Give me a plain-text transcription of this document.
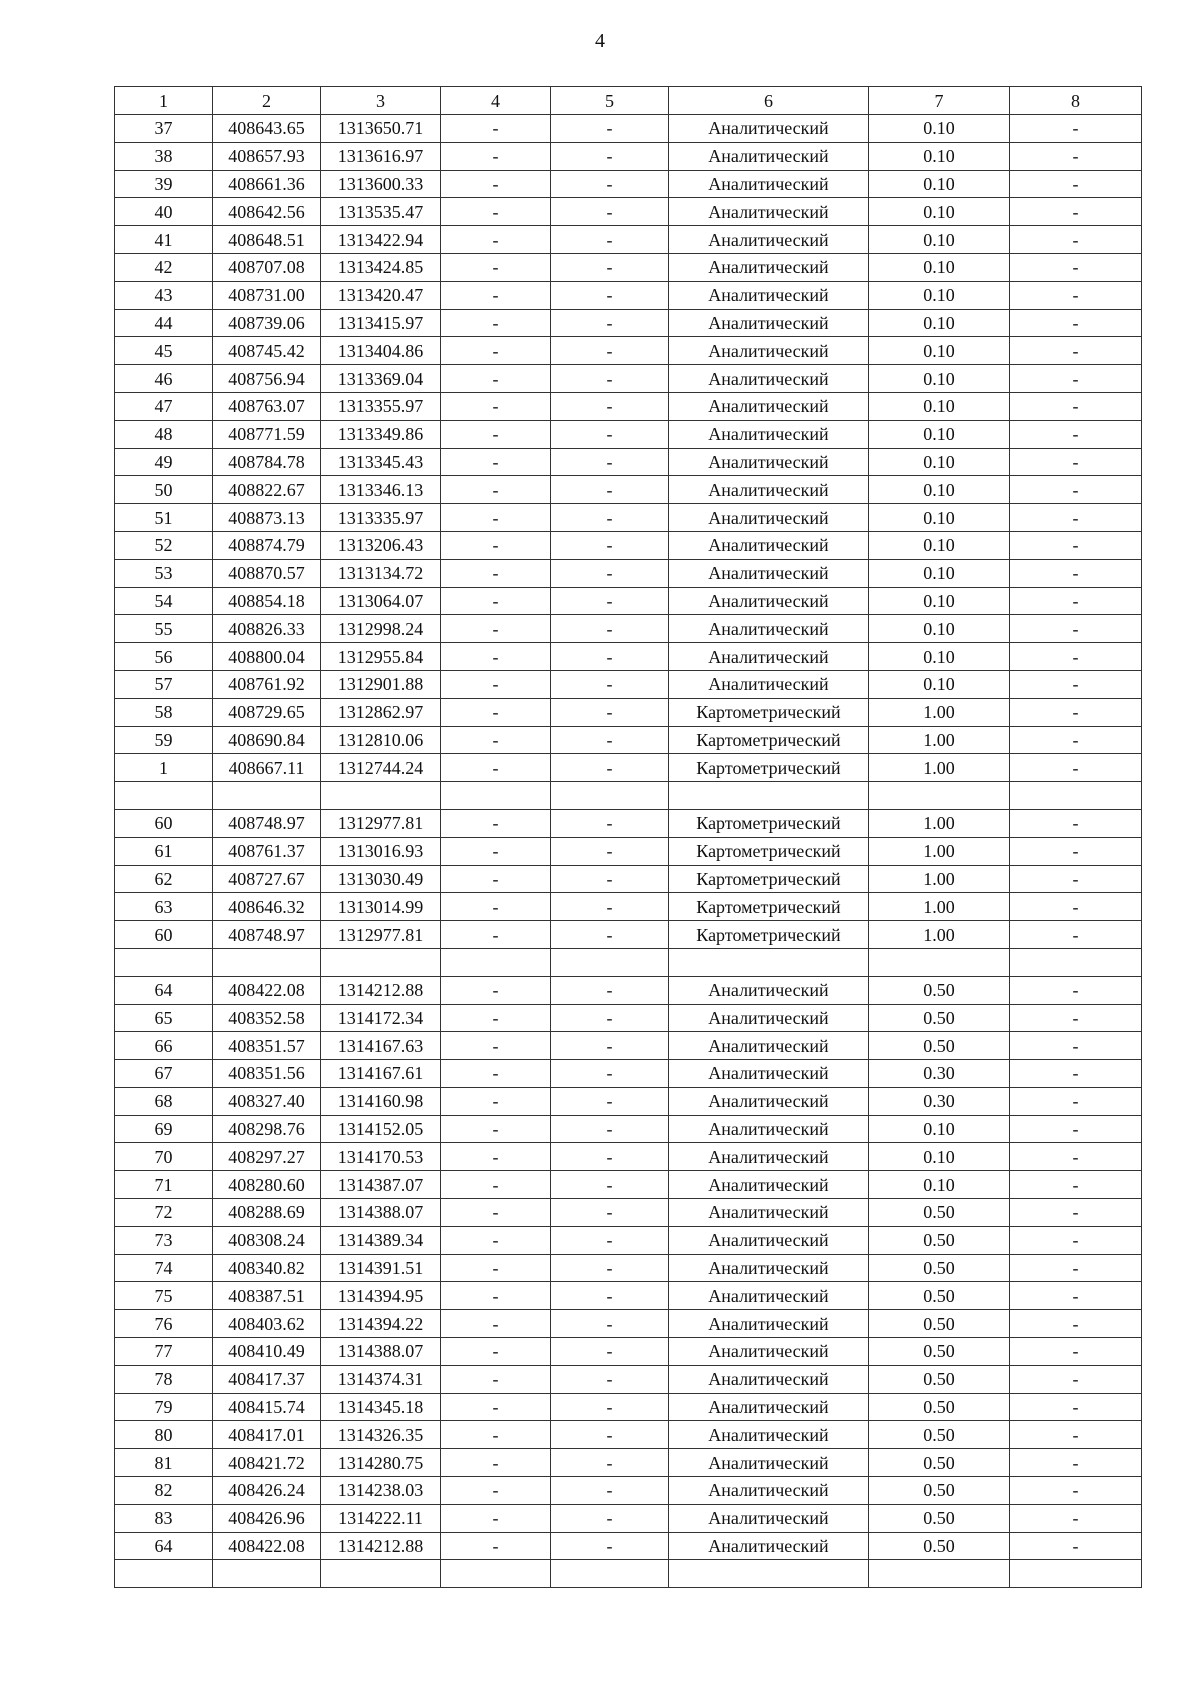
4
1	2	3	4	5	6	7	8
37	408643.65	1313650.71	-	-	Аналитический	0.10	-
38	408657.93	1313616.97	-	-	Аналитический	0.10	-
39	408661.36	1313600.33	-	-	Аналитический	0.10	-
40	408642.56	1313535.47	-	-	Аналитический	0.10	-
41	408648.51	1313422.94	-	-	Аналитический	0.10	-
42	408707.08	1313424.85	-	-	Аналитический	0.10	-
43	408731.00	1313420.47	-	-	Аналитический	0.10	-
44	408739.06	1313415.97	-	-	Аналитический	0.10	-
45	408745.42	1313404.86	-	-	Аналитический	0.10	-
46	408756.94	1313369.04	-	-	Аналитический	0.10	-
47	408763.07	1313355.97	-	-	Аналитический	0.10	-
48	408771.59	1313349.86	-	-	Аналитический	0.10	-
49	408784.78	1313345.43	-	-	Аналитический	0.10	-
50	408822.67	1313346.13	-	-	Аналитический	0.10	-
51	408873.13	1313335.97	-	-	Аналитический	0.10	-
52	408874.79	1313206.43	-	-	Аналитический	0.10	-
53	408870.57	1313134.72	-	-	Аналитический	0.10	-
54	408854.18	1313064.07	-	-	Аналитический	0.10	-
55	408826.33	1312998.24	-	-	Аналитический	0.10	-
56	408800.04	1312955.84	-	-	Аналитический	0.10	-
57	408761.92	1312901.88	-	-	Аналитический	0.10	-
58	408729.65	1312862.97	-	-	Картометрический	1.00	-
59	408690.84	1312810.06	-	-	Картометрический	1.00	-
1	408667.11	1312744.24	-	-	Картометрический	1.00	-

60	408748.97	1312977.81	-	-	Картометрический	1.00	-
61	408761.37	1313016.93	-	-	Картометрический	1.00	-
62	408727.67	1313030.49	-	-	Картометрический	1.00	-
63	408646.32	1313014.99	-	-	Картометрический	1.00	-
60	408748.97	1312977.81	-	-	Картометрический	1.00	-

64	408422.08	1314212.88	-	-	Аналитический	0.50	-
65	408352.58	1314172.34	-	-	Аналитический	0.50	-
66	408351.57	1314167.63	-	-	Аналитический	0.50	-
67	408351.56	1314167.61	-	-	Аналитический	0.30	-
68	408327.40	1314160.98	-	-	Аналитический	0.30	-
69	408298.76	1314152.05	-	-	Аналитический	0.10	-
70	408297.27	1314170.53	-	-	Аналитический	0.10	-
71	408280.60	1314387.07	-	-	Аналитический	0.10	-
72	408288.69	1314388.07	-	-	Аналитический	0.50	-
73	408308.24	1314389.34	-	-	Аналитический	0.50	-
74	408340.82	1314391.51	-	-	Аналитический	0.50	-
75	408387.51	1314394.95	-	-	Аналитический	0.50	-
76	408403.62	1314394.22	-	-	Аналитический	0.50	-
77	408410.49	1314388.07	-	-	Аналитический	0.50	-
78	408417.37	1314374.31	-	-	Аналитический	0.50	-
79	408415.74	1314345.18	-	-	Аналитический	0.50	-
80	408417.01	1314326.35	-	-	Аналитический	0.50	-
81	408421.72	1314280.75	-	-	Аналитический	0.50	-
82	408426.24	1314238.03	-	-	Аналитический	0.50	-
83	408426.96	1314222.11	-	-	Аналитический	0.50	-
64	408422.08	1314212.88	-	-	Аналитический	0.50	-
